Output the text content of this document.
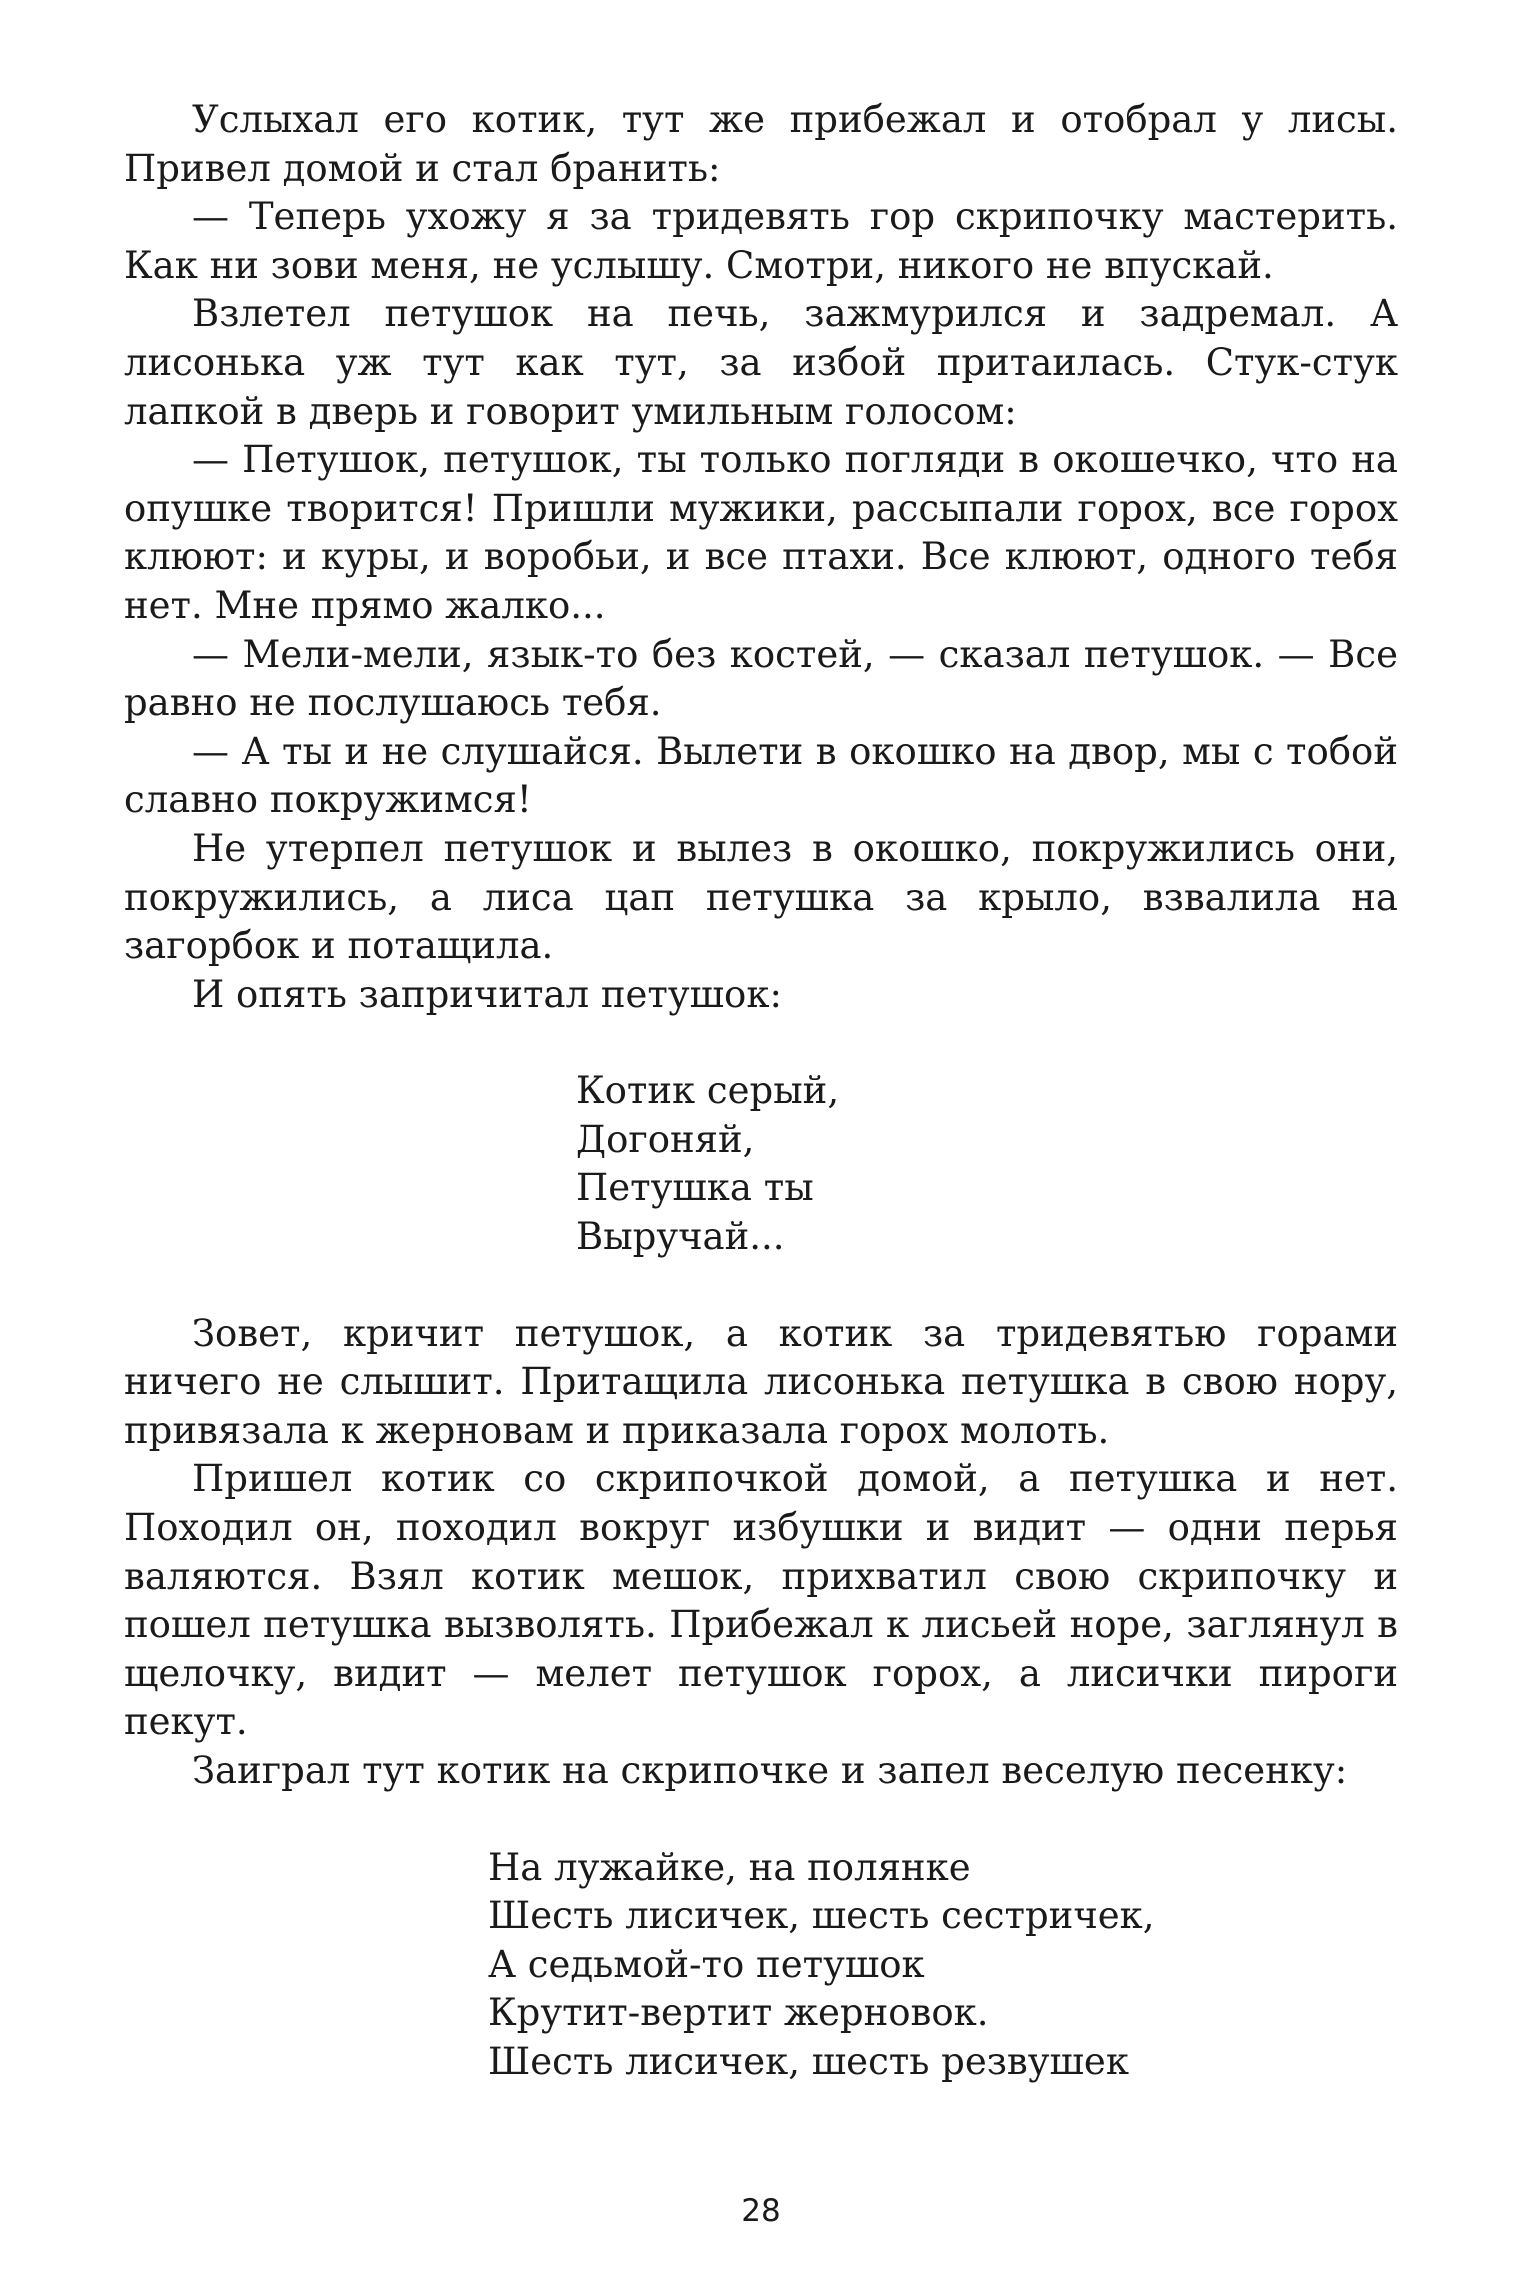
Услыхал его котик, тут же прибежал и отобрал у лисы. Привел домой и стал бранить:

— Теперь ухожу я за тридевять гор скрипочку мастерить. Как ни зови меня, не услышу. Смотри, никого не впускай.

Взлетел петушок на печь, зажмурился и задремал. А лисонька уж тут как тут, за избой притаилась. Стук-стук лапкой в дверь и говорит умильным голосом:

— Петушок, петушок, ты только погляди в окошечко, что на опушке творится! Пришли мужики, рассыпали горох, все горох клюют: и куры, и воробьи, и все птахи. Все клюют, одного тебя нет. Мне прямо жалко...

— Мели-мели, язык-то без костей, — сказал петушок. — Все равно не послушаюсь тебя.

— А ты и не слушайся. Вылети в окошко на двор, мы с тобой славно покружимся!

Не утерпел петушок и вылез в окошко, покружились они, покружились, а лиса цап петушка за крыло, взвалила на загорбок и потащила.

И опять запричитал петушок:

Котик серый,
Догоняй,
Петушка ты
Выручай...

Зовет, кричит петушок, а котик за тридевятью горами ничего не слышит. Притащила лисонька петушка в свою нору, привязала к жерновам и приказала горох молоть.

Пришел котик со скрипочкой домой, а петушка и нет. Походил он, походил вокруг избушки и видит — одни перья валяются. Взял котик мешок, прихватил свою скрипочку и пошел петушка вызволять. Прибежал к лисьей норе, заглянул в щелочку, видит — мелет петушок горох, а лисички пироги пекут.

Заиграл тут котик на скрипочке и запел веселую песенку:

На лужайке, на полянке
Шесть лисичек, шесть сестричек,
А седьмой-то петушок
Крутит-вертит жерновок.
Шесть лисичек, шесть резвушек
28
